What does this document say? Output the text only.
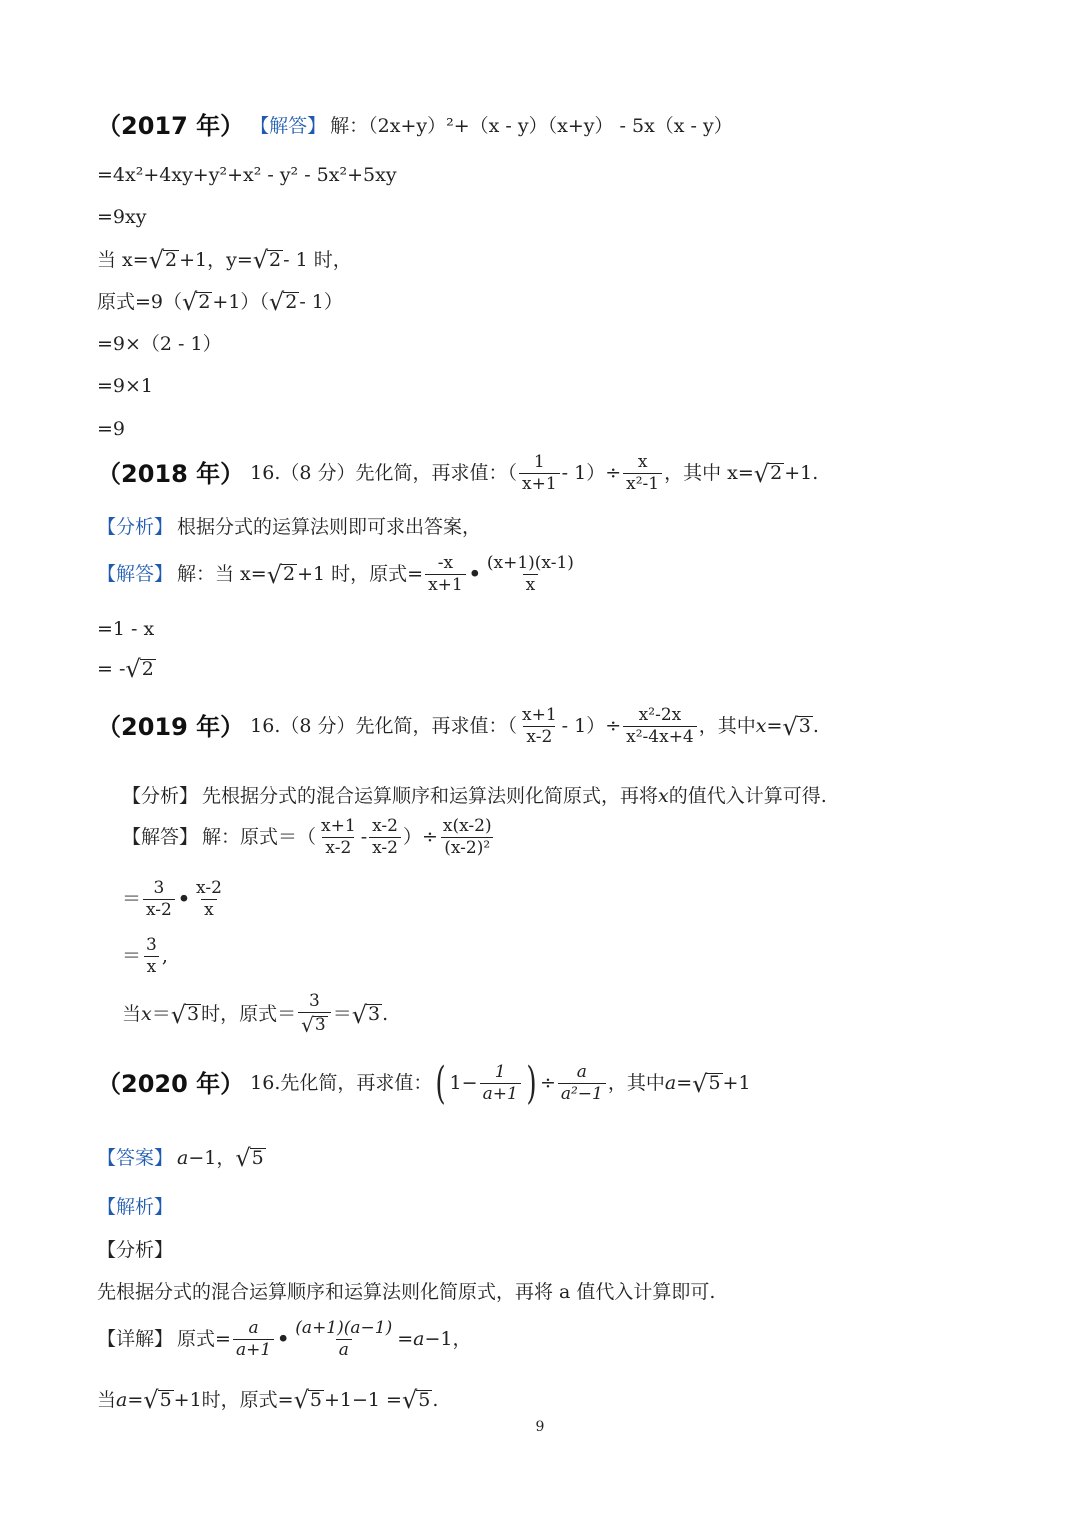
（2017 年） 【解答】 解：（2x+y）²+（x - y）（x+y） - 5x（x - y）
=4x²+4xy+y²+x² - y² - 5x²+5xy
=9xy
当 x= √ 2 +1，y= √ 2 - 1 时，
原式=9（ √ 2 +1）（ √ 2 - 1）
=9×（2 - 1）
=9×1
=9
（2018 年） 16.（8 分）先化简，再求值：（ $\frac{1}{x+1} - 1)\div \frac{x}{\text{x²-1}}$ ，其中 x= √ 2 +1.
【分析】 根据分式的运算法则即可求出答案，
【解答】 解：当 x= √ 2 +1 时，原式= $\frac{-x}{x+1}$ • $\frac{(x+1)(x-1)}{x}$
=1 - x
= - √ 2
（2019 年） 16.（8 分）先化简，再求值：（ $\frac{x+1}{x-2} - 1)\div \frac{\text{x²-2x}}{\text{x²-4x+4}}$ ，其中 x = √ 3 .
【分析】 先根据分式的混合运算顺序和运算法则化简原式，再将 x 的值代入计算可得.
【解答】 解：原式＝（ $\frac{x+1}{x-2} - \frac{x-2}{x-2}$ ）÷ $\frac{x(x-2)}{\text{(x-2)²}}$
＝ $\frac{3}{x-2}$ • $\frac{x-2}{x}$
＝ $\frac{3}{x}$ ,
当 x ＝ √ 3 时，原式＝ $\frac{3}{√ 3}$ ＝ √ 3 .
（2020 年） 16.先化简，再求值： ( $1- \frac{1}{a+1}$ ) ÷ $\frac{a}{\text{a²−1}}$ ，其中 a = √ 5 +1
【答案】 a −1， √ 5
【解析】
【分析】
先根据分式的混合运算顺序和运算法则化简原式，再将 a 值代入计算即可.
【详解】 原式= $\frac{a}{a+1}$ • $\frac{(a+1)(a-1)}{a} = a -1$，
当 a = √ 5 +1时，原式= √ 5 +1−1 = √ 5 .
9
